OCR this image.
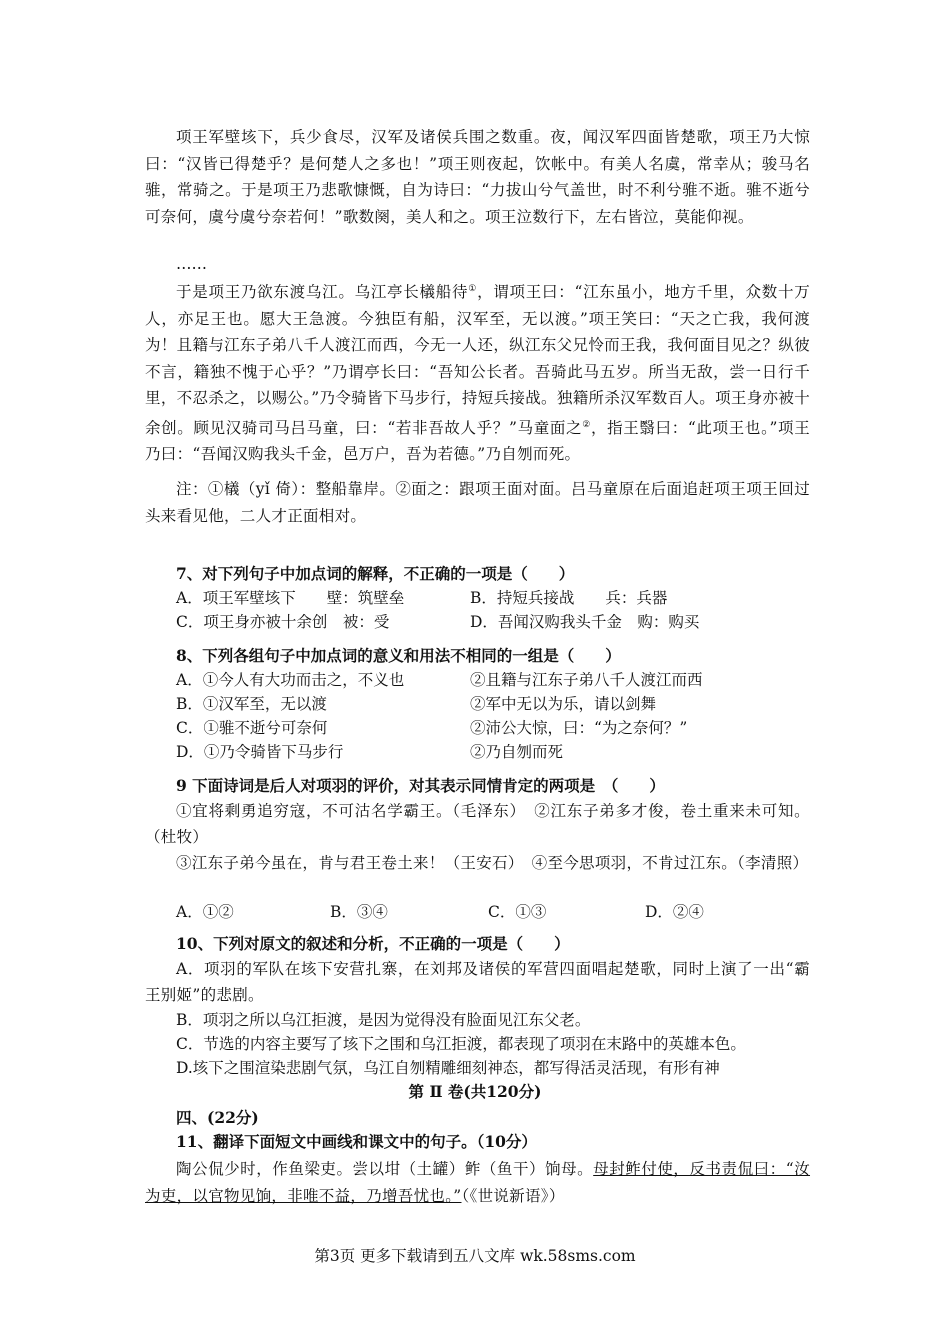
项王军壁垓下，兵少食尽，汉军及诸侯兵围之数重。夜，闻汉军四面皆楚歌，项王乃大惊曰：“汉皆已得楚乎？是何楚人之多也！”项王则夜起，饮帐中。有美人名虞，常幸从；骏马名骓，常骑之。于是项王乃悲歌慷慨，自为诗曰：“力拔山兮气盖世，时不利兮骓不逝。骓不逝兮可奈何，虞兮虞兮奈若何！”歌数阕，美人和之。项王泣数行下，左右皆泣，莫能仰视。

……

于是项王乃欲东渡乌江。乌江亭长檥船待①，谓项王曰：“江东虽小，地方千里，众数十万人，亦足王也。愿大王急渡。今独臣有船，汉军至，无以渡。”项王笑曰：“天之亡我，我何渡为！且籍与江东子弟八千人渡江而西，今无一人还，纵江东父兄怜而王我，我何面目见之？纵彼不言，籍独不愧于心乎？”乃谓亭长曰：“吾知公长者。吾骑此马五岁。所当无敌，尝一日行千里，不忍杀之，以赐公。”乃令骑皆下马步行，持短兵接战。独籍所杀汉军数百人。项王身亦被十余创。顾见汉骑司马吕马童，曰：“若非吾故人乎？”马童面之②，指王翳曰：“此项王也。”项王乃曰：“吾闻汉购我头千金，邑万户，吾为若德。”乃自刎而死。

注：①檥（yǐ 倚）：整船靠岸。②面之：跟项王面对面。吕马童原在后面追赶项王项王回过头来看见他，二人才正面相对。

7、对下列句子中加点词的解释，不正确的一项是（　　）

A．项王军壁垓下　　壁：筑壁垒	B．持短兵接战　　兵：兵器

C．项王身亦被十余创　被：受	D．吾闻汉购我头千金　购：购买

8、下列各组句子中加点词的意义和用法不相同的一组是（　　）

A．①今人有大功而击之，不义也	②且籍与江东子弟八千人渡江而西

B．①汉军至，无以渡	②军中无以为乐，请以剑舞

C．①骓不逝兮可奈何	②沛公大惊，曰：“为之奈何？”

D．①乃令骑皆下马步行	②乃自刎而死

9 下面诗词是后人对项羽的评价，对其表示同情肯定的两项是　（　　）

①宜将剩勇追穷寇，不可沽名学霸王。（毛泽东）　②江东子弟多才俊，卷土重来未可知。（杜牧）

③江东子弟今虽在，肯与君王卷土来！（王安石）　④至今思项羽，不肯过江东。（李清照）

A．①②	B．③④	C．①③	D．②④

10、下列对原文的叙述和分析，不正确的一项是（　　）

A．项羽的军队在垓下安营扎寨，在刘邦及诸侯的军营四面唱起楚歌，同时上演了一出“霸王别姬”的悲剧。

B．项羽之所以乌江拒渡，是因为觉得没有脸面见江东父老。

C．节选的内容主要写了垓下之围和乌江拒渡，都表现了项羽在末路中的英雄本色。

D.垓下之围渲染悲剧气氛，乌江自刎精雕细刻神态，都写得活灵活现，有形有神

第 Ⅱ 卷(共120分)

四、(22分)

11、翻译下面短文中画线和课文中的句子。（10分）

陶公侃少时，作鱼梁吏。尝以坩（土罐）鲊（鱼干）饷母。母封鲊付使，反书责侃曰：“汝为吏，以官物见饷，非唯不益，乃增吾忧也。”（《世说新语》）

第3页 更多下载请到五八文库 wk.58sms.com
